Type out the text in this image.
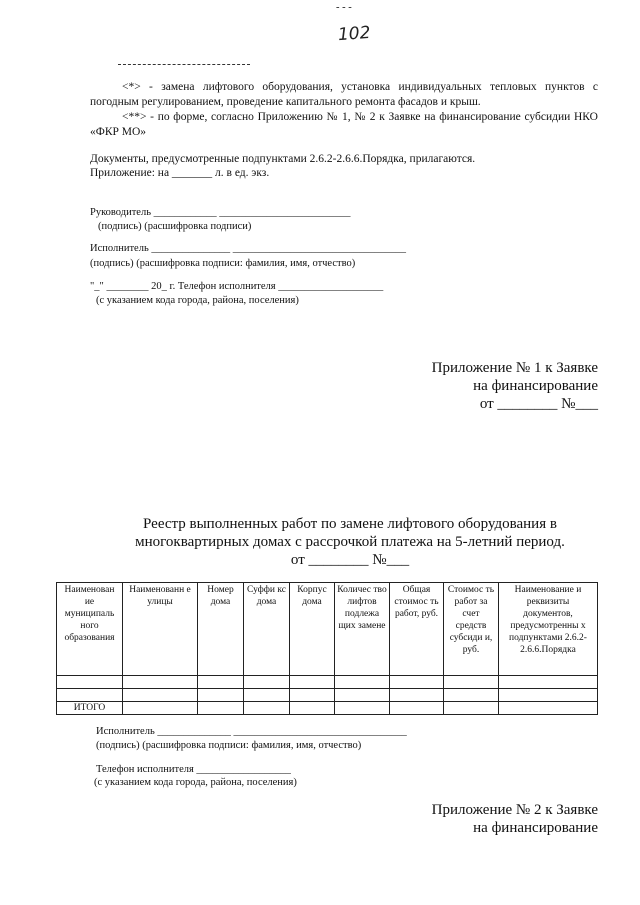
- - -
102
<*> - замена лифтового оборудования, установка индивидуальных тепловых пунктов с погодным регулированием, проведение капитального ремонта фасадов и крыш.
<**> - по форме, согласно Приложению № 1, № 2 к Заявке на финансирование субсидии НКО «ФКР МО»
Документы, предусмотренные подпунктами 2.6.2-2.6.6.Порядка, прилагаются.
Приложение: на _______ л. в ед. экз.
Руководитель ____________ _________________________
(подпись) (расшифровка подписи)
Исполнитель _______________ _________________________________
(подпись) (расшифровка подписи: фамилия, имя, отчество)
"_" ________ 20_ г. Телефон исполнителя ____________________
(с указанием кода города, района, поселения)
Приложение № 1 к Заявке
на финансирование
от ________ №___
Реестр выполненных работ по замене лифтового оборудования в
многоквартирных домах с рассрочкой платежа на 5-летний период.
от ________ №___
Наименован ие муниципаль ного образования	Наименованн е улицы	Номер дома	Суффи кс дома	Корпус дома	Количес тво лифтов подлежа щих замене	Общая стоимос ть работ, руб.	Стоимос ть работ за счет средств субсиди и, руб.	Наименование и реквизиты документов, предусмотренны х подпунктами 2.6.2-2.6.6.Порядка

ИТОГО								
Исполнитель ______________ _________________________________
(подпись) (расшифровка подписи: фамилия, имя, отчество)
Телефон исполнителя __________________
(с указанием кода города, района, поселения)
Приложение № 2 к Заявке
на финансирование
